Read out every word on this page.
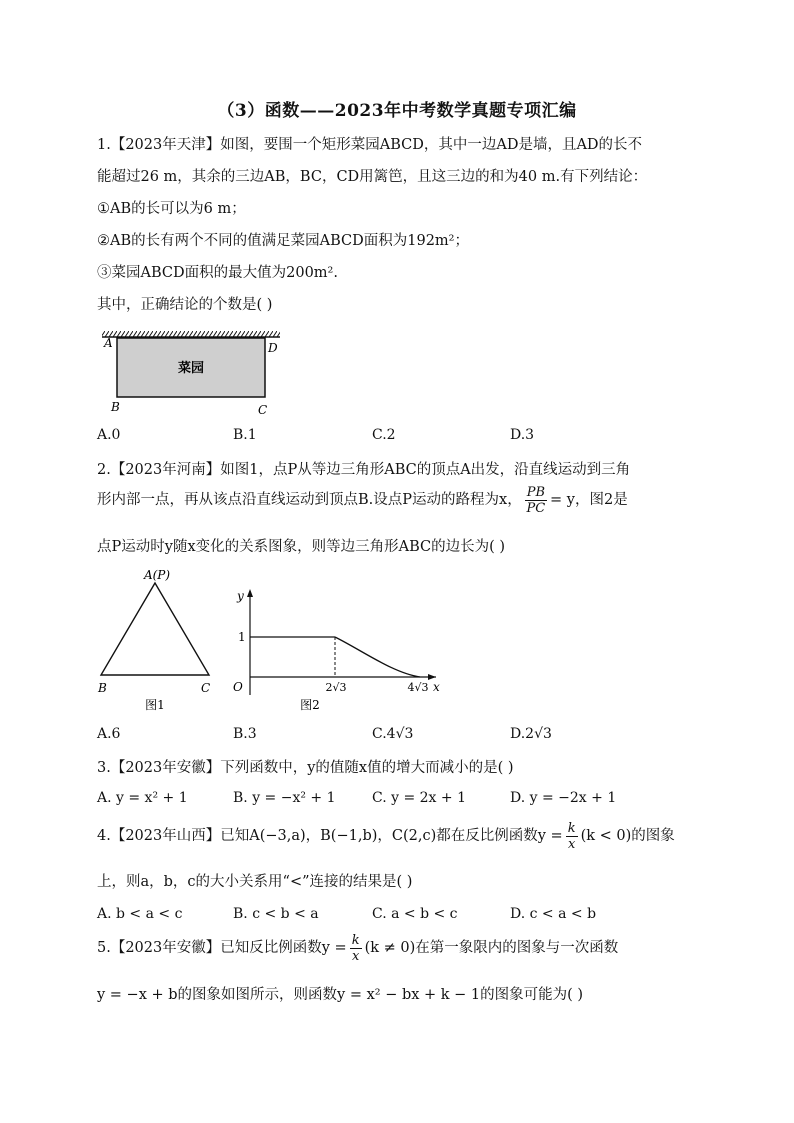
（3）函数——2023年中考数学真题专项汇编
1.【2023年天津】如图，要围一个矩形菜园ABCD，其中一边AD是墙，且AD的长不
能超过26 m，其余的三边AB，BC，CD用篱笆，且这三边的和为40 m.有下列结论：
①AB的长可以为6 m；
②AB的长有两个不同的值满足菜园ABCD面积为192m²；
③菜园ABCD面积的最大值为200m².
其中，正确结论的个数是( )
菜园
A	D
B	C
A.0	B.1	C.2	D.3
2.【2023年河南】如图1，点P从等边三角形ABC的顶点A出发，沿直线运动到三角
形内部一点，再从该点沿直线运动到顶点B.设点P运动的路程为x， $\frac{PB}{PC} = y$，图2是
点P运动时y随x变化的关系图象，则等边三角形ABC的边长为( )
A(P)
B	C
图1
y
x
O
1
2√3	4√3
图2
A.6	B.3	C.4√3	D.2√3
3.【2023年安徽】下列函数中，y的值随x值的增大而减小的是( )
A. y = x² + 1	B. y = −x² + 1	C. y = 2x + 1	D. y = −2x + 1
4.【2023年山西】已知A(−3,a)，B(−1,b)，C(2,c)都在反比例函数$y = \frac{k}{x} (k < 0)$的图象
上，则a，b，c的大小关系用“<”连接的结果是( )
A. b < a < c	B. c < b < a	C. a < b < c	D. c < a < b
5.【2023年安徽】已知反比例函数$y = \frac{k}{x} (k \ne 0)$在第一象限内的图象与一次函数
y = −x + b的图象如图所示，则函数y = x² − bx + k − 1的图象可能为( )
